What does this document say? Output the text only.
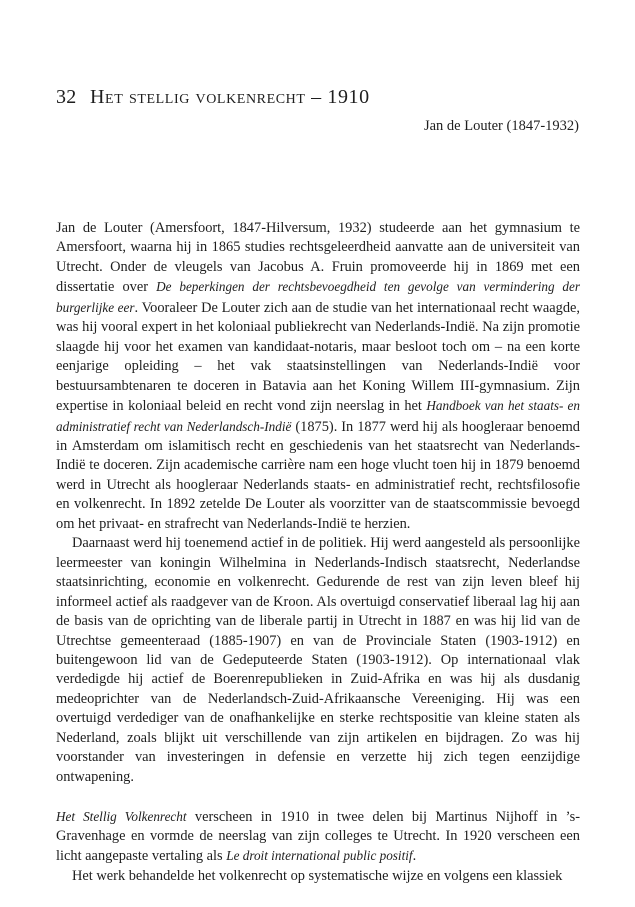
32 Het stellig volkenrecht – 1910
Jan de Louter (1847-1932)

Jan de Louter (Amersfoort, 1847-Hilversum, 1932) studeerde aan het gymnasium te Amersfoort, waarna hij in 1865 studies rechtsgeleerdheid aanvatte aan de universiteit van Utrecht. Onder de vleugels van Jacobus A. Fruin promoveerde hij in 1869 met een dissertatie over De beperkingen der rechtsbevoegdheid ten gevolge van vermindering der burgerlijke eer. Vooraleer De Louter zich aan de studie van het internationaal recht waagde, was hij vooral expert in het koloniaal publiekrecht van Nederlands-Indië. Na zijn promotie slaagde hij voor het examen van kandidaat-notaris, maar besloot toch om – na een korte eenjarige opleiding – het vak staatsinstellingen van Nederlands-Indië voor bestuursambtenaren te doceren in Batavia aan het Koning Willem III-gymnasium. Zijn expertise in koloniaal beleid en recht vond zijn neerslag in het Handboek van het staats- en administratief recht van Nederlandsch-Indië (1875). In 1877 werd hij als hoogleraar benoemd in Amsterdam om islamitisch recht en geschiedenis van het staatsrecht van Nederlands-Indië te doceren. Zijn academische carrière nam een hoge vlucht toen hij in 1879 benoemd werd in Utrecht als hoogleraar Nederlands staats- en administratief recht, rechtsfilosofie en volkenrecht. In 1892 zetelde De Louter als voorzitter van de staatscommissie bevoegd om het privaat- en strafrecht van Nederlands-Indië te herzien.

Daarnaast werd hij toenemend actief in de politiek. Hij werd aangesteld als persoonlijke leermeester van koningin Wilhelmina in Nederlands-Indisch staatsrecht, Nederlandse staatsinrichting, economie en volkenrecht. Gedurende de rest van zijn leven bleef hij informeel actief als raadgever van de Kroon. Als overtuigd conservatief liberaal lag hij aan de basis van de oprichting van de liberale partij in Utrecht in 1887 en was hij lid van de Utrechtse gemeenteraad (1885-1907) en van de Provinciale Staten (1903-1912) en buitengewoon lid van de Gedeputeerde Staten (1903-1912). Op internationaal vlak verdedigde hij actief de Boerenrepublieken in Zuid-Afrika en was hij als dusdanig medeoprichter van de Nederlandsch-Zuid-Afrikaansche Vereeniging. Hij was een overtuigd verdediger van de onafhankelijke en sterke rechtspositie van kleine staten als Nederland, zoals blijkt uit verschillende van zijn artikelen en bijdragen. Zo was hij voorstander van investeringen in defensie en verzette hij zich tegen eenzijdige ontwapening.

Het Stellig Volkenrecht verscheen in 1910 in twee delen bij Martinus Nijhoff in ’s-Gravenhage en vormde de neerslag van zijn colleges te Utrecht. In 1920 verscheen een licht aangepaste vertaling als Le droit international public positif.

Het werk behandelde het volkenrecht op systematische wijze en volgens een klassiek
